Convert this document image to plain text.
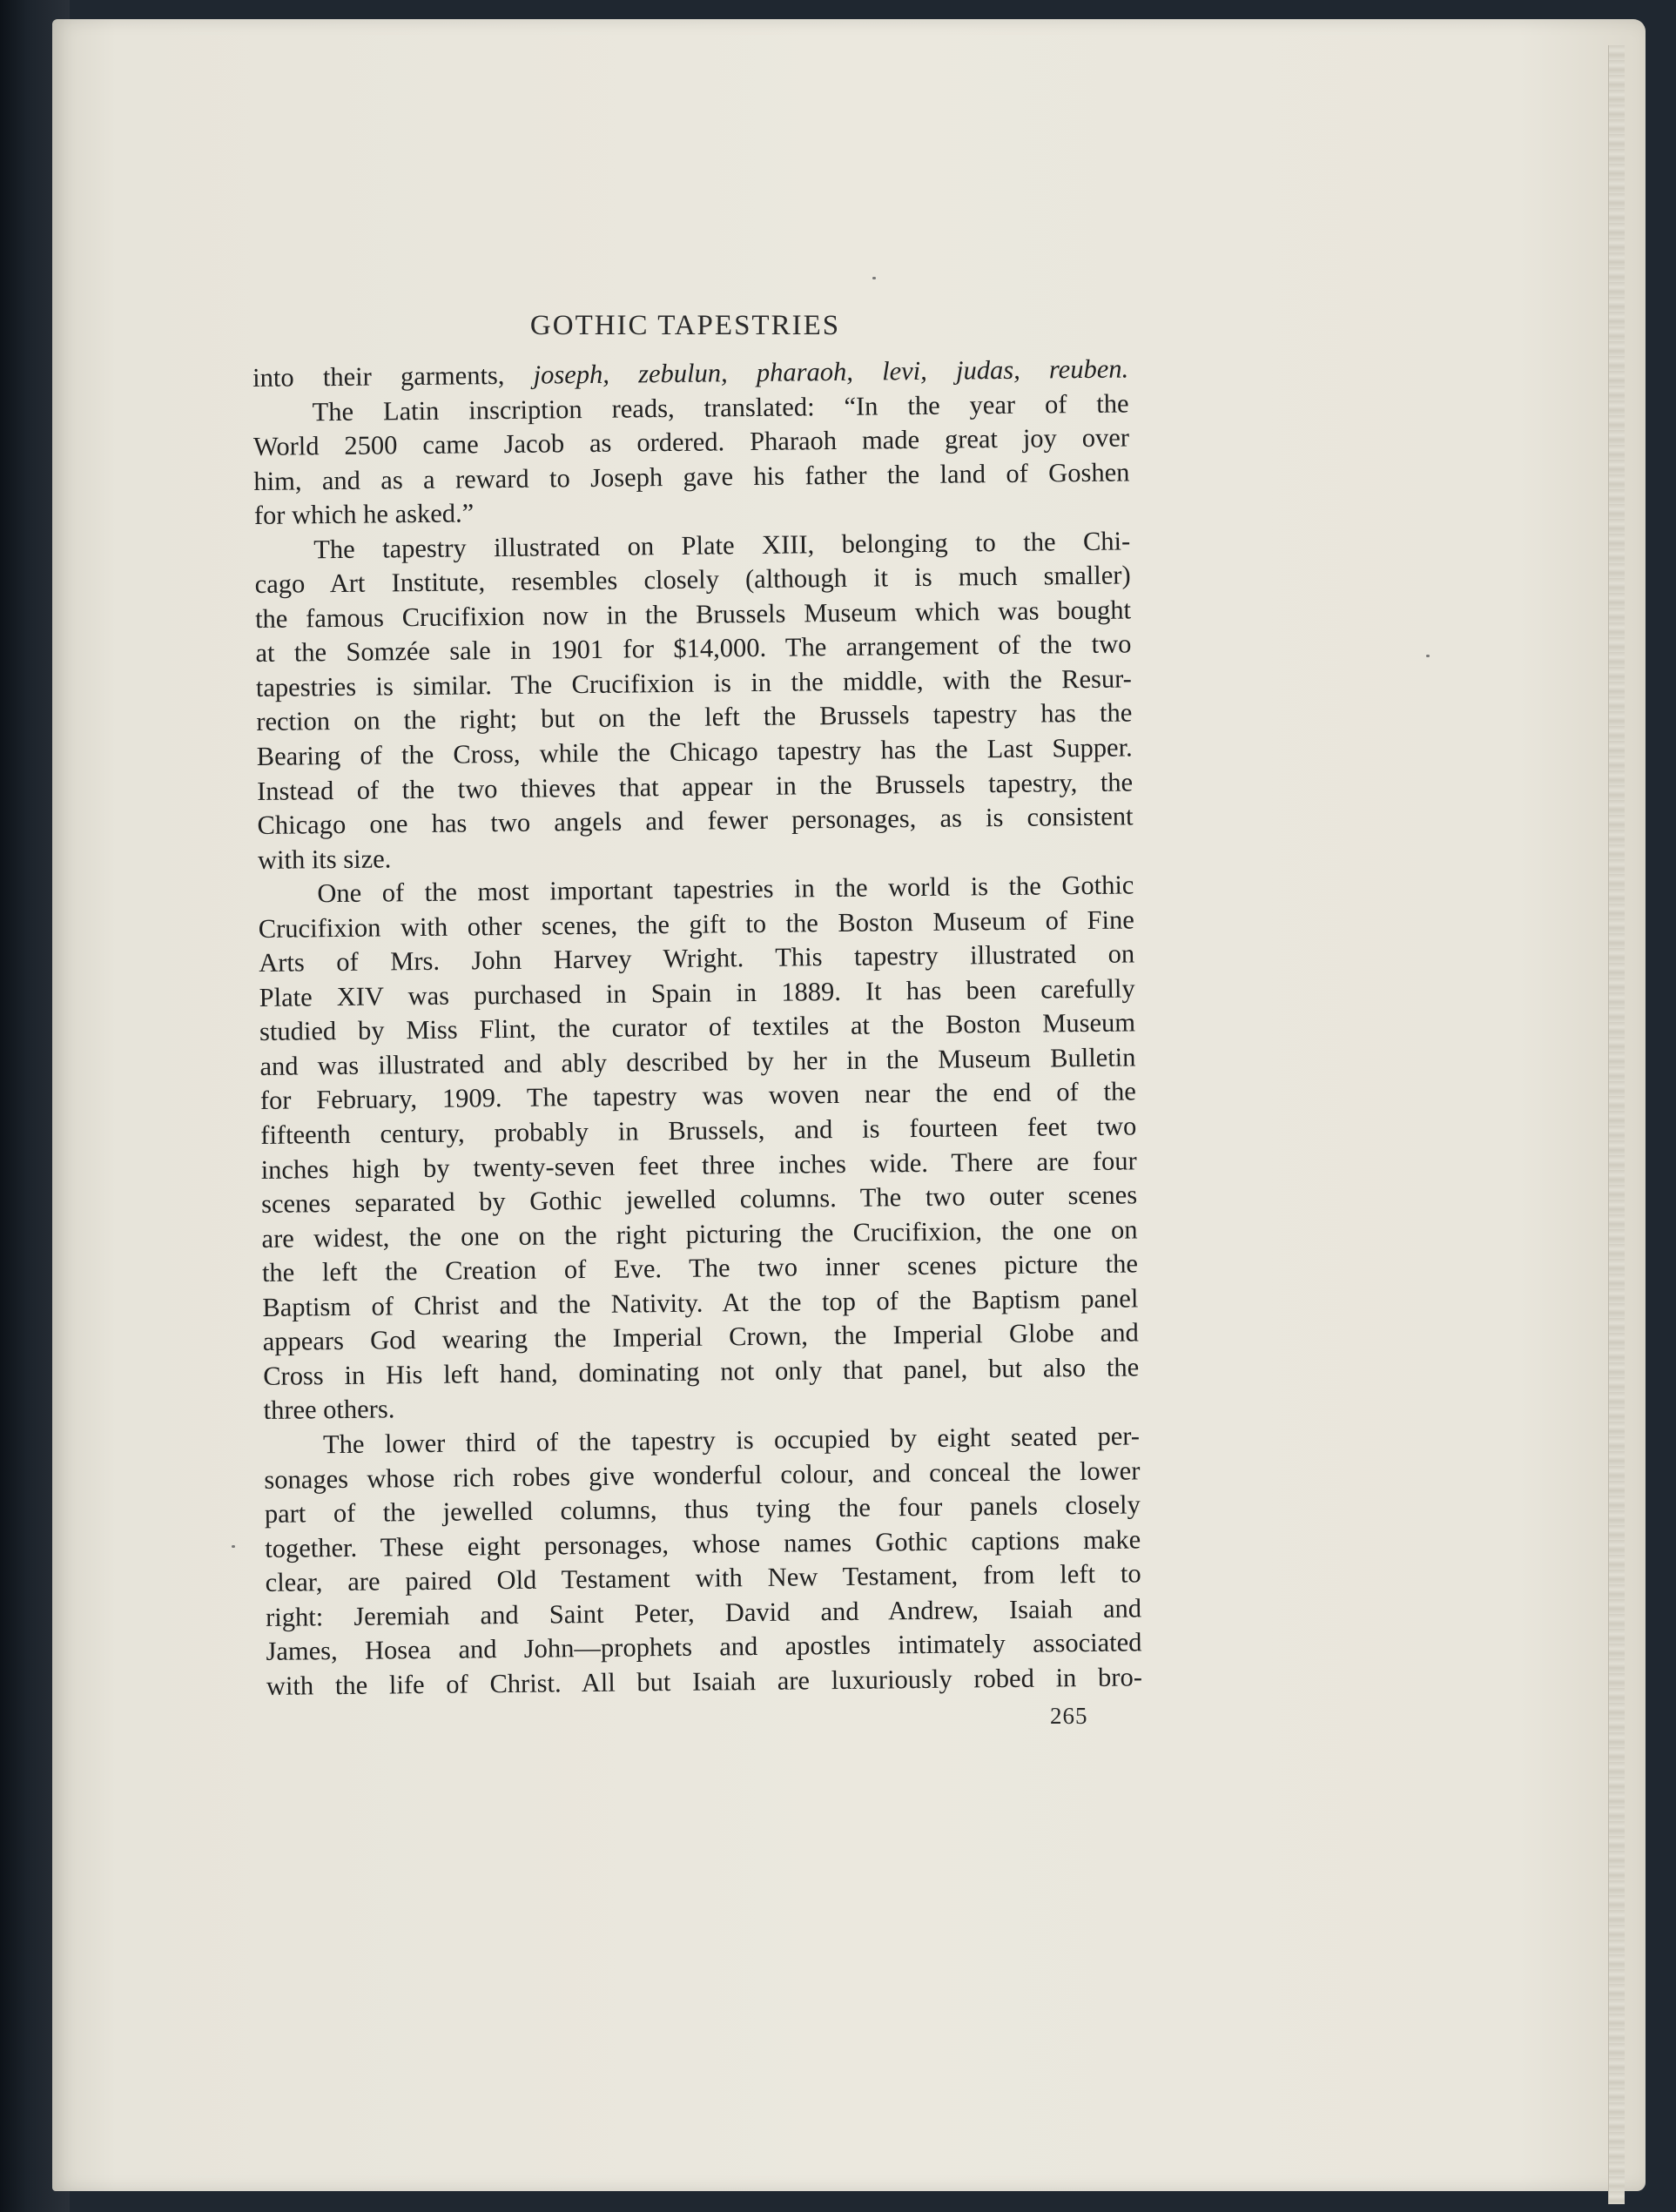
GOTHIC TAPESTRIES
into their garments, joseph, zebulun, pharaoh, levi, judas, reuben.
The Latin inscription reads, translated: “In the year of the
World 2500 came Jacob as ordered. Pharaoh made great joy over
him, and as a reward to Joseph gave his father the land of Goshen
for which he asked.”
The tapestry illustrated on Plate XIII, belonging to the Chi-
cago Art Institute, resembles closely (although it is much smaller)
the famous Crucifixion now in the Brussels Museum which was bought
at the Somzée sale in 1901 for $14,000. The arrangement of the two
tapestries is similar. The Crucifixion is in the middle, with the Resur-
rection on the right; but on the left the Brussels tapestry has the
Bearing of the Cross, while the Chicago tapestry has the Last Supper.
Instead of the two thieves that appear in the Brussels tapestry, the
Chicago one has two angels and fewer personages, as is consistent
with its size.
One of the most important tapestries in the world is the Gothic
Crucifixion with other scenes, the gift to the Boston Museum of Fine
Arts of Mrs. John Harvey Wright. This tapestry illustrated on
Plate XIV was purchased in Spain in 1889. It has been carefully
studied by Miss Flint, the curator of textiles at the Boston Museum
and was illustrated and ably described by her in the Museum Bulletin
for February, 1909. The tapestry was woven near the end of the
fifteenth century, probably in Brussels, and is fourteen feet two
inches high by twenty-seven feet three inches wide. There are four
scenes separated by Gothic jewelled columns. The two outer scenes
are widest, the one on the right picturing the Crucifixion, the one on
the left the Creation of Eve. The two inner scenes picture the
Baptism of Christ and the Nativity. At the top of the Baptism panel
appears God wearing the Imperial Crown, the Imperial Globe and
Cross in His left hand, dominating not only that panel, but also the
three others.
The lower third of the tapestry is occupied by eight seated per-
sonages whose rich robes give wonderful colour, and conceal the lower
part of the jewelled columns, thus tying the four panels closely
together. These eight personages, whose names Gothic captions make
clear, are paired Old Testament with New Testament, from left to
right: Jeremiah and Saint Peter, David and Andrew, Isaiah and
James, Hosea and John—prophets and apostles intimately associated
with the life of Christ. All but Isaiah are luxuriously robed in bro-
265
